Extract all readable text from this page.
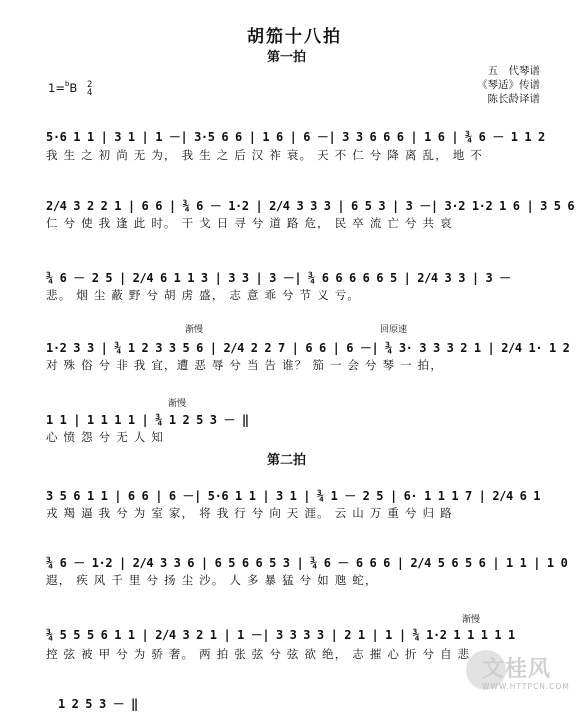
胡笳十八拍
第一拍
五　代琴谱
《琴适》传谱
陈长龄译谱
1=$^b$B 2
4
5·6 1 1 | 3 1 | 1 －| 3·5 6 6 | 1 6 | 6 －| 3 3 6 6 6 | 1 6 | ¾ 6 － 1 1 2
我 生 之 初 尚 无 为， 我 生 之 后 汉 祚 衰。 天 不 仁 兮 降 离 乱， 地 不
2/4 3 2 2 1 | 6 6 | ¾ 6 － 1·2 | 2/4 3 3 3 | 6 5 3 | 3 －| 3·2 1·2 1 6 | 3 5 6
仁 兮 使 我 逢 此 时。 干 戈 日 寻 兮 道 路 危， 民 卒 流 亡 兮 共 哀
¾ 6 － 2 5 | 2/4 6 1 1 3 | 3 3 | 3 －| ¾ 6 6 6 6 6 5 | 2/4 3 3 | 3 －
悲。 烟 尘 蔽 野 兮 胡 虏 盛， 志 意 乖 兮 节 义 亏。
渐慢	回原速
1·2 3 3 | ¾ 1 2 3 3 5 6 | 2/4 2 2 7 | 6 6 | 6 －| ¾ 3· 3 3 3 2 1 | 2/4 1· 1 2
对 殊 俗 兮 非 我 宜，遭 恶 辱 兮 当 告 谁？ 笳 一 会 兮 琴 一 拍，
渐慢
1 1 | 1 1 1 1 | ¾ 1 2 5 3 － ‖
心 愤 怨 兮 无 人 知
第二拍
3 5 6 1 1 | 6 6 | 6 －| 5·6 1 1 | 3 1 | ¾ 1 － 2 5 | 6· 1 1 1 7 | 2/4 6 1
戎 羯 逼 我 兮 为 室 家， 将 我 行 兮 向 天 涯。 云 山 万 重 兮 归 路
¾ 6 － 1·2 | 2/4 3 3 6 | 6 5 6 6 5 3 | ¾ 6 － 6 6 6 | 2/4 5 6 5 6 | 1 1 | 1 0
遐， 疾 风 千 里 兮 扬 尘 沙。 人 多 暴 猛 兮 如 虺 蛇，
渐慢
¾ 5 5 5 6 1 1 | 2/4 3 2 1 | 1 －| 3 3 3 3 | 2 1 | 1 | ¾ 1·2 1 1 1 1 1
控 弦 被 甲 兮 为 骄 奢。 两 拍 张 弦 兮 弦 欲 绝， 志 摧 心 折 兮 自 悲
1 2 5 3 － ‖
文桂风
WWW.HTTPCN.COM
